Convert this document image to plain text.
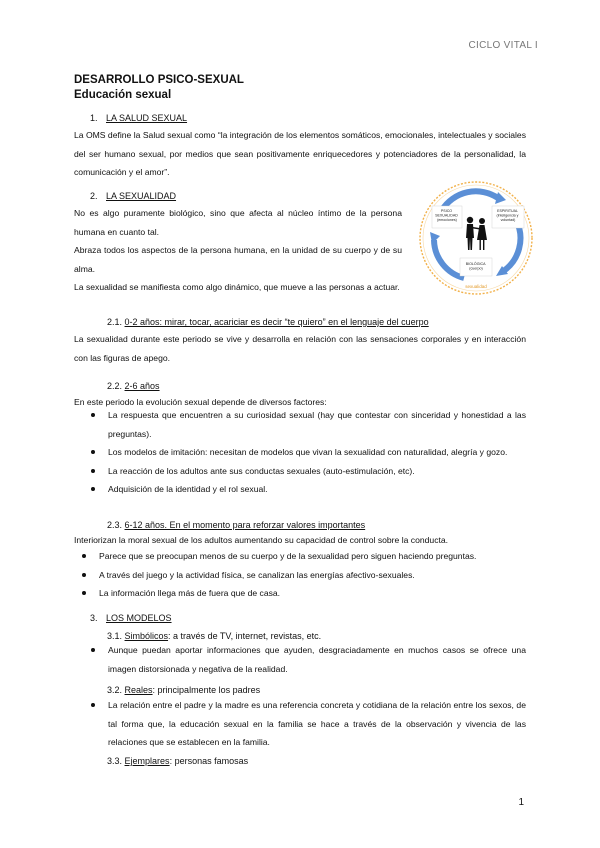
CICLO VITAL I
DESARROLLO PSICO-SEXUAL
Educación sexual
1. LA SALUD SEXUAL

La OMS define la Salud sexual como “la integración de los elementos somáticos, emocionales, intelectuales y sociales del ser humano sexual, por medios que sean positivamente enriquecedores y potenciadores de la personalidad, la comunicación y el amor”.

2. LA SEXUALIDAD

No es algo puramente biológico, sino que afecta al núcleo íntimo de la persona humana en cuanto tal.

Abraza todos los aspectos de la persona humana, en la unidad de su cuerpo y de su alma.

La sexualidad se manifiesta como algo dinámico, que mueve a las personas a actuar.

PSICO SEXUALIDAD (emociones)
ESPIRITUAL (inteligencia y voluntad)
BIOLÓGICA (cuerpo)
sexualidad
2.1. 0-2 años: mirar, tocar, acariciar es decir “te quiero” en el lenguaje del cuerpo

La sexualidad durante este periodo se vive y desarrolla en relación con las sensaciones corporales y en interacción con las figuras de apego.

2.2. 2-6 años

En este periodo la evolución sexual depende de diversos factores:

La respuesta que encuentren a su curiosidad sexual (hay que contestar con sinceridad y honestidad a las preguntas).
Los modelos de imitación: necesitan de modelos que vivan la sexualidad con naturalidad, alegría y gozo.
La reacción de los adultos ante sus conductas sexuales (auto-estimulación, etc).
Adquisición de la identidad y el rol sexual.
2.3. 6-12 años. En el momento para reforzar valores importantes

Interiorizan la moral sexual de los adultos aumentando su capacidad de control sobre la conducta.

Parece que se preocupan menos de su cuerpo y de la sexualidad pero siguen haciendo preguntas.
A través del juego y la actividad física, se canalizan las energías afectivo-sexuales.
La información llega más de fuera que de casa.
3. LOS MODELOS
3.1. Simbólicos: a través de TV, internet, revistas, etc.
Aunque puedan aportar informaciones que ayuden, desgraciadamente en muchos casos se ofrece una imagen distorsionada y negativa de la realidad.
3.2. Reales: principalmente los padres
La relación entre el padre y la madre es una referencia concreta y cotidiana de la relación entre los sexos, de tal forma que, la educación sexual en la familia se hace a través de la observación y vivencia de las relaciones que se establecen en la familia.
3.3. Ejemplares: personas famosas
1
